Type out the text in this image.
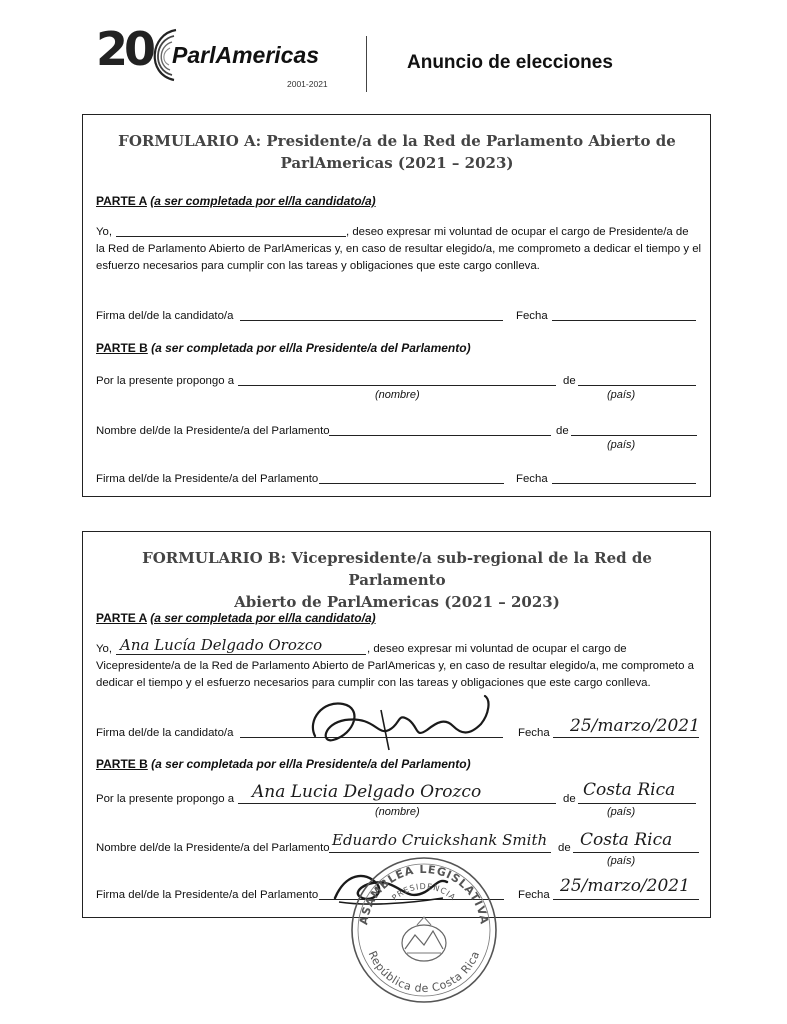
20 ParlAmericas
2001-2021
Anuncio de elecciones
FORMULARIO A: Presidente/a de la Red de Parlamento Abierto de
ParlAmericas (2021 – 2023)
PARTE A (a ser completada por el/la candidato/a)
Yo,	, deseo expresar mi voluntad de ocupar el cargo de Presidente/a de
la Red de Parlamento Abierto de ParlAmericas y, en caso de resultar elegido/a, me comprometo a dedicar el tiempo y el
esfuerzo necesarios para cumplir con las tareas y obligaciones que este cargo conlleva.
Firma del/de la candidato/a	Fecha
PARTE B (a ser completada por el/la Presidente/a del Parlamento)
Por la presente propongo a	de
(nombre)	(país)
Nombre del/de la Presidente/a del Parlamento	de
(país)
Firma del/de la Presidente/a del Parlamento	Fecha
FORMULARIO B: Vicepresidente/a sub-regional de la Red de Parlamento
Abierto de ParlAmericas (2021 – 2023)
PARTE A (a ser completada por el/la candidato/a)
Yo, Ana Lucía Delgado Orozco	, deseo expresar mi voluntad de ocupar el cargo de
Vicepresidente/a de la Red de Parlamento Abierto de ParlAmericas y, en caso de resultar elegido/a, me comprometo a
dedicar el tiempo y el esfuerzo necesarios para cumplir con las tareas y obligaciones que este cargo conlleva.
Firma del/de la candidato/a	Fecha 25/marzo/2021
PARTE B (a ser completada por el/la Presidente/a del Parlamento)
Por la presente propongo a Ana Lucia Delgado Orozco	de Costa Rica
(nombre)	(país)
Nombre del/de la Presidente/a del Parlamento Eduardo Cruickshank Smith de Costa Rica
(país)
Firma del/de la Presidente/a del Parlamento	Fecha 25/marzo/2021
ASAMBLEA LEGISLATIVA
PRESIDENCIA
República de Costa Rica
